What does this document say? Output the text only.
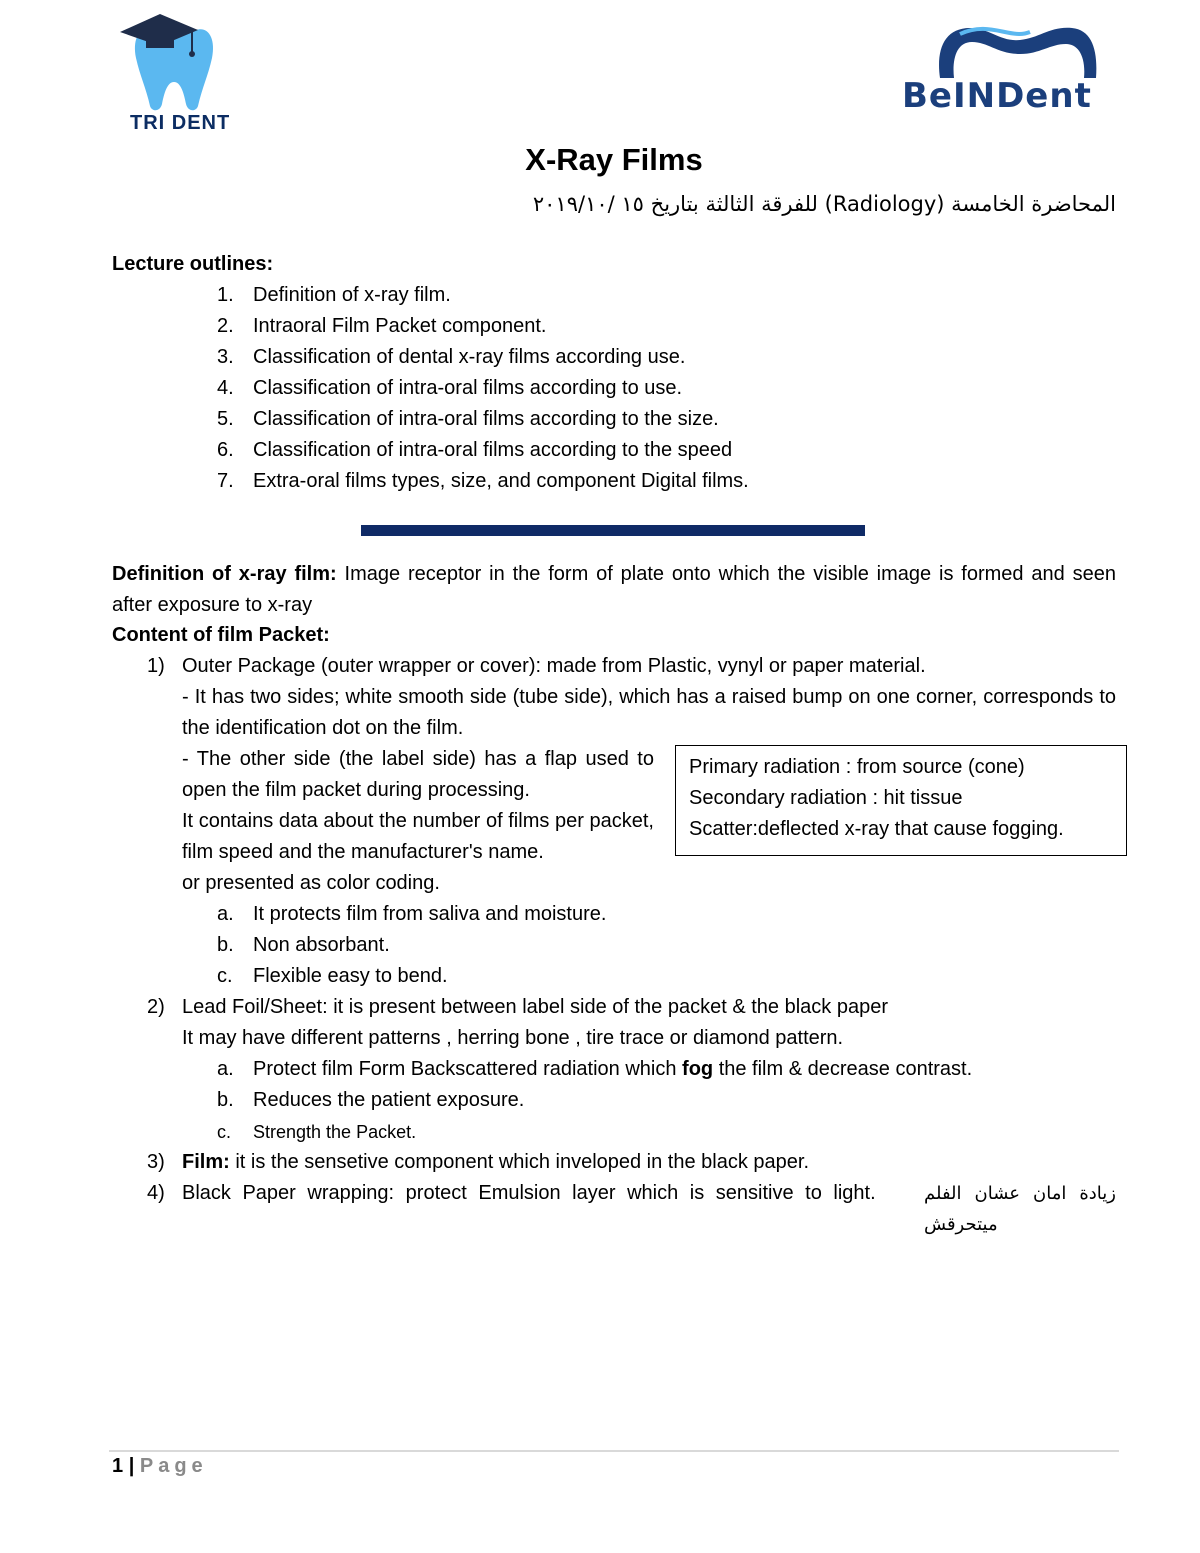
TRI DENT
BeINDent
X-Ray Films
المحاضرة الخامسة (Radiology) للفرقة الثالثة بتاريخ ١٥ /٢٠١٩/١٠
Lecture outlines:
1. Definition of x-ray film.
2. Intraoral Film Packet component.
3. Classification of dental x-ray films according use.
4. Classification of intra-oral films according to use.
5. Classification of intra-oral films according to the size.
6. Classification of intra-oral films according to the speed
7. Extra-oral films types, size, and component Digital films.
Definition of x-ray film: Image receptor in the form of plate onto which the visible image is formed and seen after exposure to x-ray
Content of film Packet:
1) Outer Package (outer wrapper or cover): made from Plastic, vynyl or paper material.
- It has two sides; white smooth side (tube side), which has a raised bump on one corner, corresponds to the identification dot on the film.
- The other side (the label side) has a flap used to open the film packet during processing.
It contains data about the number of films per packet, film speed and the manufacturer's name.
or presented as color coding.
a. It protects film from saliva and moisture.
b. Non absorbant.
c. Flexible easy to bend.
Primary radiation : from source (cone)
Secondary radiation : hit tissue
Scatter:deflected x-ray that cause fogging.
2) Lead Foil/Sheet: it is present between label side of the packet & the black paper
It may have different patterns , herring bone , tire trace or diamond pattern.
a. Protect film Form Backscattered radiation which fog the film & decrease contrast.
b. Reduces the patient exposure.
c. Strength the Packet.
3) Film: it is the sensetive component which inveloped in the black paper.
4) Black Paper wrapping: protect Emulsion layer which is sensitive to light.	زيادة امان عشان الفلم ميتحرقش
1 | Page
